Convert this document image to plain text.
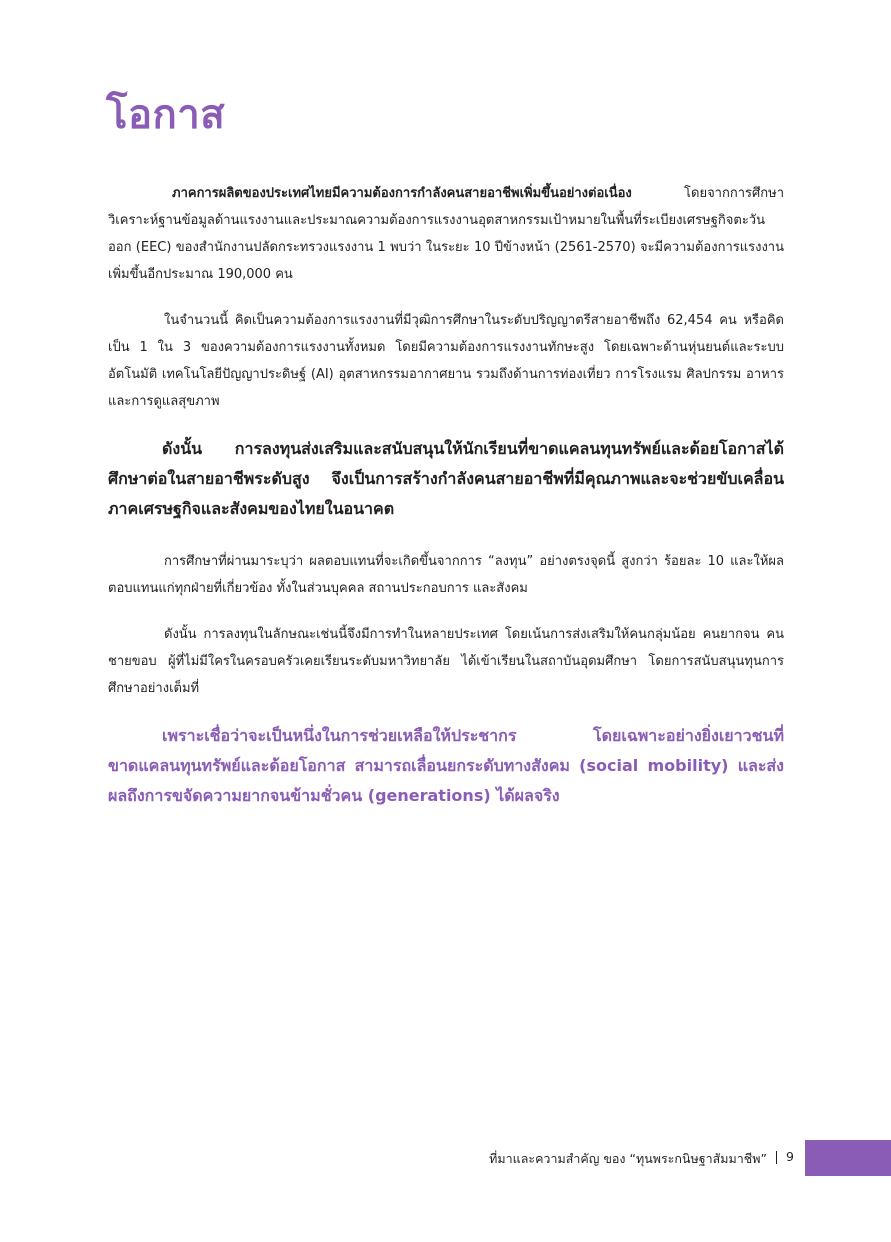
โอกาส

ภาคการผลิตของประเทศไทยมีความต้องการกำลังคนสายอาชีพเพิ่มขึ้นอย่างต่อเนื่อง โดยจากการศึกษาวิเคราะห์ฐานข้อมูลด้านแรงงานและประมาณความต้องการแรงงานอุตสาหกรรมเป้าหมายในพื้นที่ระเบียงเศรษฐกิจตะวันออก (EEC) ของสำนักงานปลัดกระทรวงแรงงาน 1 พบว่า ในระยะ 10 ปีข้างหน้า (2561-2570) จะมีความต้องการแรงงานเพิ่มขึ้นอีกประมาณ 190,000 คน

ในจำนวนนี้ คิดเป็นความต้องการแรงงานที่มีวุฒิการศึกษาในระดับปริญญาตรีสายอาชีพถึง 62,454 คน หรือคิดเป็น 1 ใน 3 ของความต้องการแรงงานทั้งหมด โดยมีความต้องการแรงงานทักษะสูง โดยเฉพาะด้านหุ่นยนต์และระบบอัตโนมัติ เทคโนโลยีปัญญาประดิษฐ์ (AI) อุตสาหกรรมอากาศยาน รวมถึงด้านการท่องเที่ยว การโรงแรม ศิลปกรรม อาหาร และการดูแลสุขภาพ

ดังนั้น การลงทุนส่งเสริมและสนับสนุนให้นักเรียนที่ขาดแคลนทุนทรัพย์และด้อยโอกาสได้ศึกษาต่อในสายอาชีพระดับสูง จึงเป็นการสร้างกำลังคนสายอาชีพที่มีคุณภาพและจะช่วยขับเคลื่อนภาคเศรษฐกิจและสังคมของไทยในอนาคต

การศึกษาที่ผ่านมาระบุว่า ผลตอบแทนที่จะเกิดขึ้นจากการ “ลงทุน” อย่างตรงจุดนี้ สูงกว่า ร้อยละ 10 และให้ผลตอบแทนแก่ทุกฝ่ายที่เกี่ยวข้อง ทั้งในส่วนบุคคล สถานประกอบการ และสังคม

ดังนั้น การลงทุนในลักษณะเช่นนี้จึงมีการทำในหลายประเทศ โดยเน้นการส่งเสริมให้คนกลุ่มน้อย คนยากจน คนชายขอบ ผู้ที่ไม่มีใครในครอบครัวเคยเรียนระดับมหาวิทยาลัย ได้เข้าเรียนในสถาบันอุดมศึกษา โดยการสนับสนุนทุนการศึกษาอย่างเต็มที่

เพราะเชื่อว่าจะเป็นหนึ่งในการช่วยเหลือให้ประชากร โดยเฉพาะอย่างยิ่งเยาวชนที่ขาดแคลนทุนทรัพย์และด้อยโอกาส สามารถเลื่อนยกระดับทางสังคม (social mobility) และส่งผลถึงการขจัดความยากจนข้ามชั่วคน (generations) ได้ผลจริง

ที่มาและความสำคัญ ของ “ทุนพระกนิษฐาสัมมาชีพ” 9
